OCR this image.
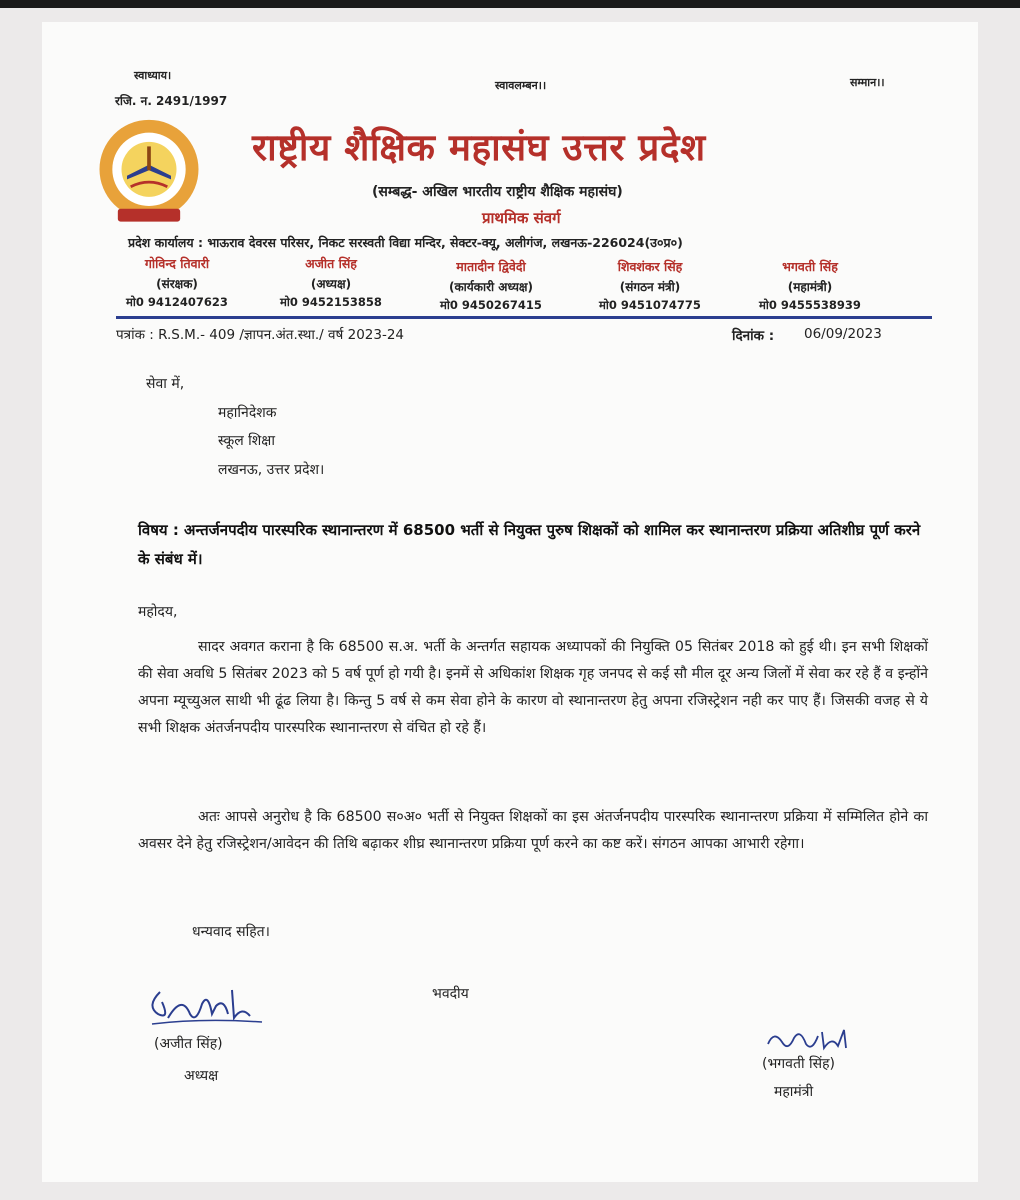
स्वाध्याय।
रजि. न. 2491/1997
स्वावलम्बन।।	सम्मान।।
राष्ट्रीय शैक्षिक महासंघ उत्तर प्रदेश
(सम्बद्ध- अखिल भारतीय राष्ट्रीय शैक्षिक महासंघ)
प्राथमिक संवर्ग
प्रदेश कार्यालय : भाऊराव देवरस परिसर, निकट सरस्वती विद्या मन्दिर, सेक्टर-क्यू, अलीगंज, लखनऊ-226024(उ०प्र०)
गोविन्द तिवारी
(संरक्षक)
मो0 9412407623
अजीत सिंह
(अध्यक्ष)
मो0 9452153858
मातादीन द्विवेदी
(कार्यकारी अध्यक्ष)
मो0 9450267415
शिवशंकर सिंह
(संगठन मंत्री)
मो0 9451074775
भगवती सिंह
(महामंत्री)
मो0 9455538939
पत्रांक : R.S.M.- 409 /ज्ञापन.अंत.स्था./ वर्ष 2023-24	दिनांक : 06/09/2023
सेवा में,
महानिदेशक
स्कूल शिक्षा
लखनऊ, उत्तर प्रदेश।
विषय : अन्तर्जनपदीय पारस्परिक स्थानान्तरण में 68500 भर्ती से नियुक्त पुरुष शिक्षकों को शामिल कर स्थानान्तरण प्रक्रिया अतिशीघ्र पूर्ण करने के संबंध में।
महोदय,
सादर अवगत कराना है कि 68500 स.अ. भर्ती के अन्तर्गत सहायक अध्यापकों की नियुक्ति 05 सितंबर 2018 को हुई थी। इन सभी शिक्षकों की सेवा अवधि 5 सितंबर 2023 को 5 वर्ष पूर्ण हो गयी है। इनमें से अधिकांश शिक्षक गृह जनपद से कई सौ मील दूर अन्य जिलों में सेवा कर रहे हैं व इन्होंने अपना म्यूच्युअल साथी भी ढूंढ लिया है। किन्तु 5 वर्ष से कम सेवा होने के कारण वो स्थानान्तरण हेतु अपना रजिस्ट्रेशन नही कर पाए हैं। जिसकी वजह से ये सभी शिक्षक अंतर्जनपदीय पारस्परिक स्थानान्तरण से वंचित हो रहे हैं।
अतः आपसे अनुरोध है कि 68500 स०अ० भर्ती से नियुक्त शिक्षकों का इस अंतर्जनपदीय पारस्परिक स्थानान्तरण प्रक्रिया में सम्मिलित होने का अवसर देने हेतु रजिस्ट्रेशन/आवेदन की तिथि बढ़ाकर शीघ्र स्थानान्तरण प्रक्रिया पूर्ण करने का कष्ट करें। संगठन आपका आभारी रहेगा।
धन्यवाद सहित।
भवदीय
(अजीत सिंह)
अध्यक्ष
(भगवती सिंह)
महामंत्री
